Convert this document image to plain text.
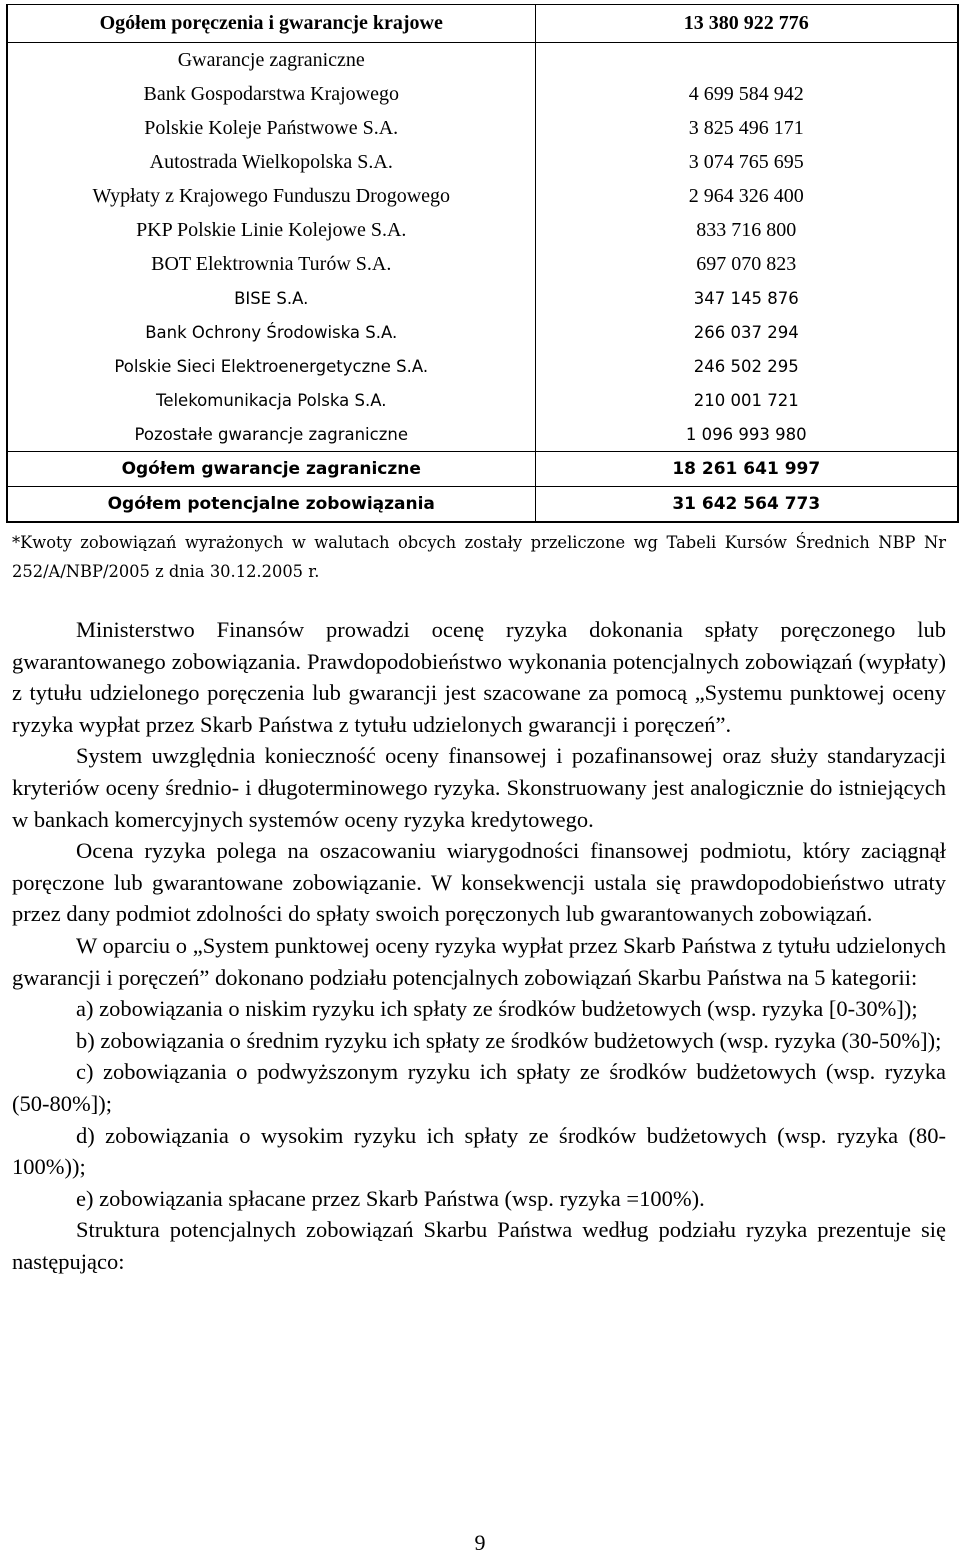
Ogółem poręczenia i gwarancje krajowe	13 380 922 776
Gwarancje zagraniczne	
Bank Gospodarstwa Krajowego	4 699 584 942
Polskie Koleje Państwowe S.A.	3 825 496 171
Autostrada Wielkopolska S.A.	3 074 765 695
Wypłaty z Krajowego Funduszu Drogowego	2 964 326 400
PKP Polskie Linie Kolejowe S.A.	833 716 800
BOT Elektrownia Turów S.A.	697 070 823
BISE S.A.	347 145 876
Bank Ochrony Środowiska S.A.	266 037 294
Polskie Sieci Elektroenergetyczne S.A.	246 502 295
Telekomunikacja Polska S.A.	210 001 721
Pozostałe gwarancje zagraniczne	1 096 993 980
Ogółem gwarancje zagraniczne	18 261 641 997
Ogółem potencjalne zobowiązania	31 642 564 773

*Kwoty zobowiązań wyrażonych w walutach obcych zostały przeliczone wg Tabeli Kursów Średnich NBP Nr 252/A/NBP/2005 z dnia 30.12.2005 r.

Ministerstwo Finansów prowadzi ocenę ryzyka dokonania spłaty poręczonego lub gwarantowanego zobowiązania. Prawdopodobieństwo wykonania potencjalnych zobowiązań (wypłaty) z tytułu udzielonego poręczenia lub gwarancji jest szacowane za pomocą „Systemu punktowej oceny ryzyka wypłat przez Skarb Państwa z tytułu udzielonych gwarancji i poręczeń”.

System uwzględnia konieczność oceny finansowej i pozafinansowej oraz służy standaryzacji kryteriów oceny średnio- i długoterminowego ryzyka. Skonstruowany jest analogicznie do istniejących w bankach komercyjnych systemów oceny ryzyka kredytowego.

Ocena ryzyka polega na oszacowaniu wiarygodności finansowej podmiotu, który zaciągnął poręczone lub gwarantowane zobowiązanie. W konsekwencji ustala się prawdopodobieństwo utraty przez dany podmiot zdolności do spłaty swoich poręczonych lub gwarantowanych zobowiązań.

W oparciu o „System punktowej oceny ryzyka wypłat przez Skarb Państwa z tytułu udzielonych gwarancji i poręczeń” dokonano podziału potencjalnych zobowiązań Skarbu Państwa na 5 kategorii:

a) zobowiązania o niskim ryzyku ich spłaty ze środków budżetowych (wsp. ryzyka [0-30%]);

b) zobowiązania o średnim ryzyku ich spłaty ze środków budżetowych (wsp. ryzyka (30-50%]);

c) zobowiązania o podwyższonym ryzyku ich spłaty ze środków budżetowych (wsp. ryzyka (50-80%]);

d) zobowiązania o wysokim ryzyku ich spłaty ze środków budżetowych (wsp. ryzyka (80-100%));

e) zobowiązania spłacane przez Skarb Państwa (wsp. ryzyka =100%).

Struktura potencjalnych zobowiązań Skarbu Państwa według podziału ryzyka prezentuje się następująco:

9
